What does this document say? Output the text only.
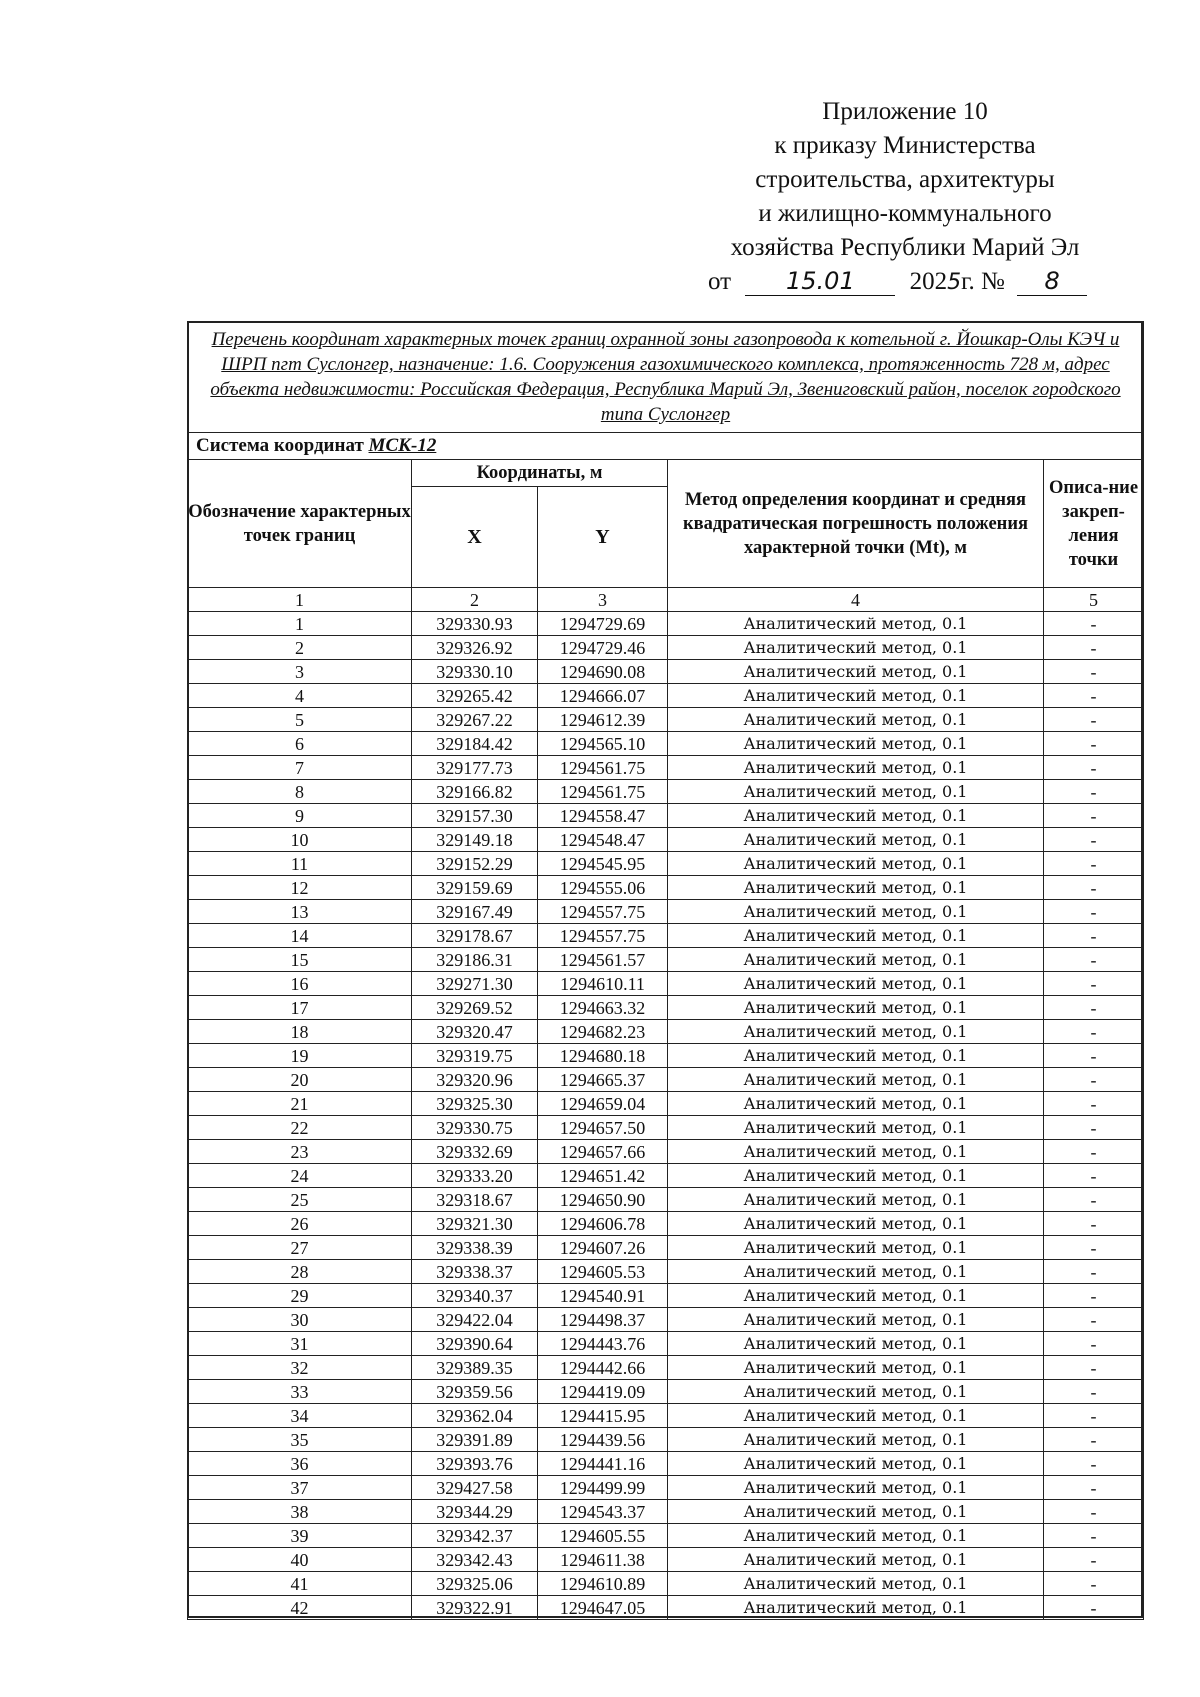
Приложение 10
к приказу Министерства
строительства, архитектуры
и жилищно-коммунального
хозяйства Республики Марий Эл
от 15.01 2025г. № 8
Перечень координат характерных точек границ охранной зоны газопровода к котельной г. Йошкар-Олы КЭЧ и ШРП пгт Суслонгер, назначение: 1.6. Сооружения газохимического комплекса, протяженность 728 м, адрес объекта недвижимости: Российская Федерация, Республика Марий Эл, Звениговский район, поселок городского типа Суслонгер				
Система координат МСК-12				
Обозначение характерных точек границ	Координаты, м		Метод определения координат и средняя квадратическая погрешность положения характерной точки (Mt), м	Описа-ние закреп-ления точки
	X	Y		
1	2	3	4	5
1	329330.93	1294729.69	Аналитический метод, 0.1	-
2	329326.92	1294729.46	Аналитический метод, 0.1	-
3	329330.10	1294690.08	Аналитический метод, 0.1	-
4	329265.42	1294666.07	Аналитический метод, 0.1	-
5	329267.22	1294612.39	Аналитический метод, 0.1	-
6	329184.42	1294565.10	Аналитический метод, 0.1	-
7	329177.73	1294561.75	Аналитический метод, 0.1	-
8	329166.82	1294561.75	Аналитический метод, 0.1	-
9	329157.30	1294558.47	Аналитический метод, 0.1	-
10	329149.18	1294548.47	Аналитический метод, 0.1	-
11	329152.29	1294545.95	Аналитический метод, 0.1	-
12	329159.69	1294555.06	Аналитический метод, 0.1	-
13	329167.49	1294557.75	Аналитический метод, 0.1	-
14	329178.67	1294557.75	Аналитический метод, 0.1	-
15	329186.31	1294561.57	Аналитический метод, 0.1	-
16	329271.30	1294610.11	Аналитический метод, 0.1	-
17	329269.52	1294663.32	Аналитический метод, 0.1	-
18	329320.47	1294682.23	Аналитический метод, 0.1	-
19	329319.75	1294680.18	Аналитический метод, 0.1	-
20	329320.96	1294665.37	Аналитический метод, 0.1	-
21	329325.30	1294659.04	Аналитический метод, 0.1	-
22	329330.75	1294657.50	Аналитический метод, 0.1	-
23	329332.69	1294657.66	Аналитический метод, 0.1	-
24	329333.20	1294651.42	Аналитический метод, 0.1	-
25	329318.67	1294650.90	Аналитический метод, 0.1	-
26	329321.30	1294606.78	Аналитический метод, 0.1	-
27	329338.39	1294607.26	Аналитический метод, 0.1	-
28	329338.37	1294605.53	Аналитический метод, 0.1	-
29	329340.37	1294540.91	Аналитический метод, 0.1	-
30	329422.04	1294498.37	Аналитический метод, 0.1	-
31	329390.64	1294443.76	Аналитический метод, 0.1	-
32	329389.35	1294442.66	Аналитический метод, 0.1	-
33	329359.56	1294419.09	Аналитический метод, 0.1	-
34	329362.04	1294415.95	Аналитический метод, 0.1	-
35	329391.89	1294439.56	Аналитический метод, 0.1	-
36	329393.76	1294441.16	Аналитический метод, 0.1	-
37	329427.58	1294499.99	Аналитический метод, 0.1	-
38	329344.29	1294543.37	Аналитический метод, 0.1	-
39	329342.37	1294605.55	Аналитический метод, 0.1	-
40	329342.43	1294611.38	Аналитический метод, 0.1	-
41	329325.06	1294610.89	Аналитический метод, 0.1	-
42	329322.91	1294647.05	Аналитический метод, 0.1	-
